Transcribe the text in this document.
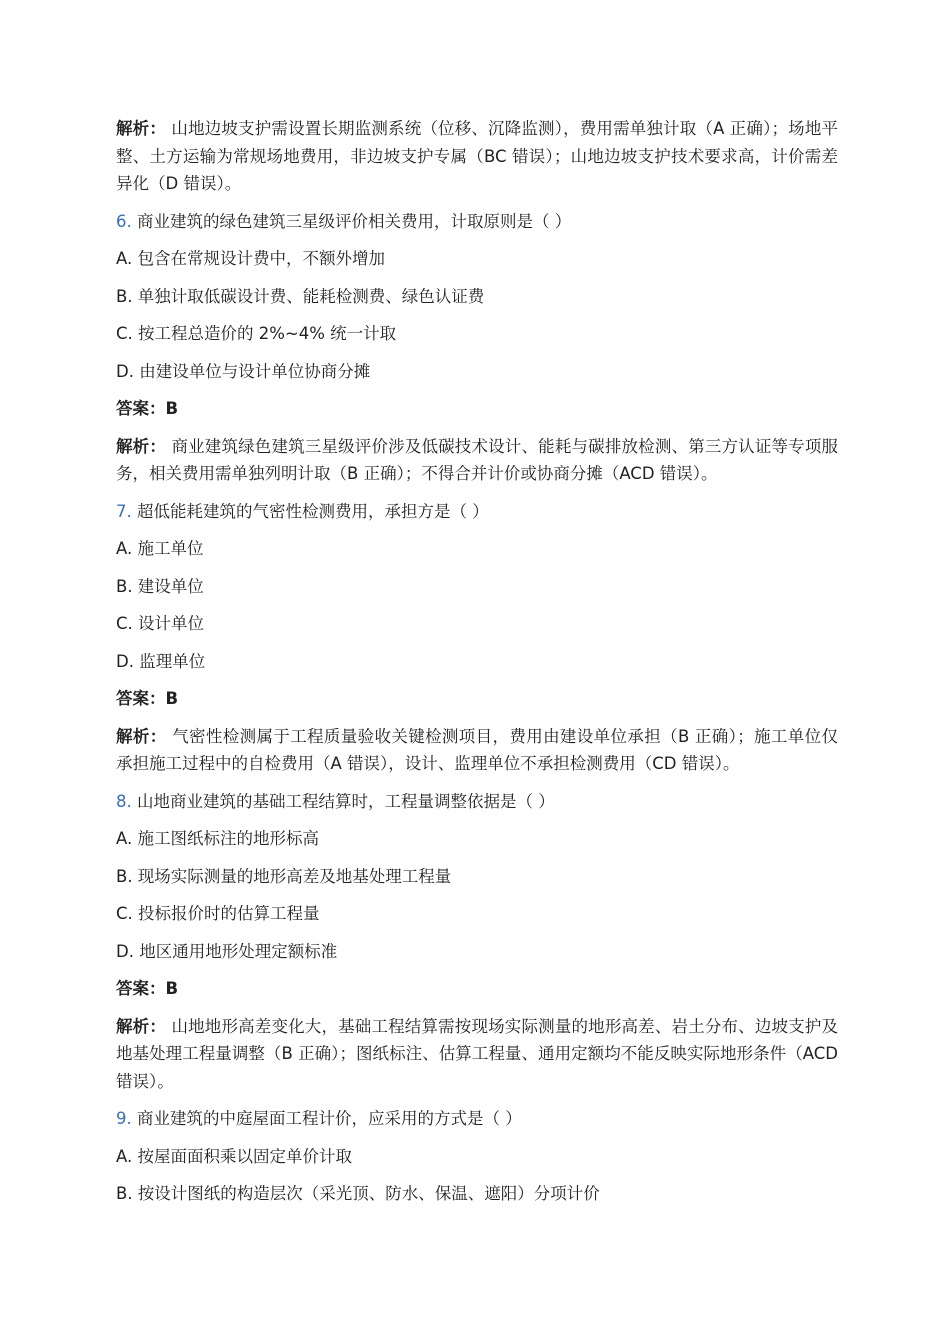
解析： 山地边坡支护需设置长期监测系统（位移、沉降监测），费用需单独计取（A 正确）；场地平整、土方运输为常规场地费用，非边坡支护专属（BC 错误）；山地边坡支护技术要求高，计价需差异化（D 错误）。
6. 商业建筑的绿色建筑三星级评价相关费用，计取原则是（ ）
A. 包含在常规设计费中，不额外增加
B. 单独计取低碳设计费、能耗检测费、绿色认证费
C. 按工程总造价的 2%~4% 统一计取
D. 由建设单位与设计单位协商分摊
答案：B
解析： 商业建筑绿色建筑三星级评价涉及低碳技术设计、能耗与碳排放检测、第三方认证等专项服务，相关费用需单独列明计取（B 正确）；不得合并计价或协商分摊（ACD 错误）。
7. 超低能耗建筑的气密性检测费用，承担方是（ ）
A. 施工单位
B. 建设单位
C. 设计单位
D. 监理单位
答案：B
解析： 气密性检测属于工程质量验收关键检测项目，费用由建设单位承担（B 正确）；施工单位仅承担施工过程中的自检费用（A 错误），设计、监理单位不承担检测费用（CD 错误）。
8. 山地商业建筑的基础工程结算时，工程量调整依据是（ ）
A. 施工图纸标注的地形标高
B. 现场实际测量的地形高差及地基处理工程量
C. 投标报价时的估算工程量
D. 地区通用地形处理定额标准
答案：B
解析： 山地地形高差变化大，基础工程结算需按现场实际测量的地形高差、岩土分布、边坡支护及地基处理工程量调整（B 正确）；图纸标注、估算工程量、通用定额均不能反映实际地形条件（ACD 错误）。
9. 商业建筑的中庭屋面工程计价，应采用的方式是（ ）
A. 按屋面面积乘以固定单价计取
B. 按设计图纸的构造层次（采光顶、防水、保温、遮阳）分项计价
